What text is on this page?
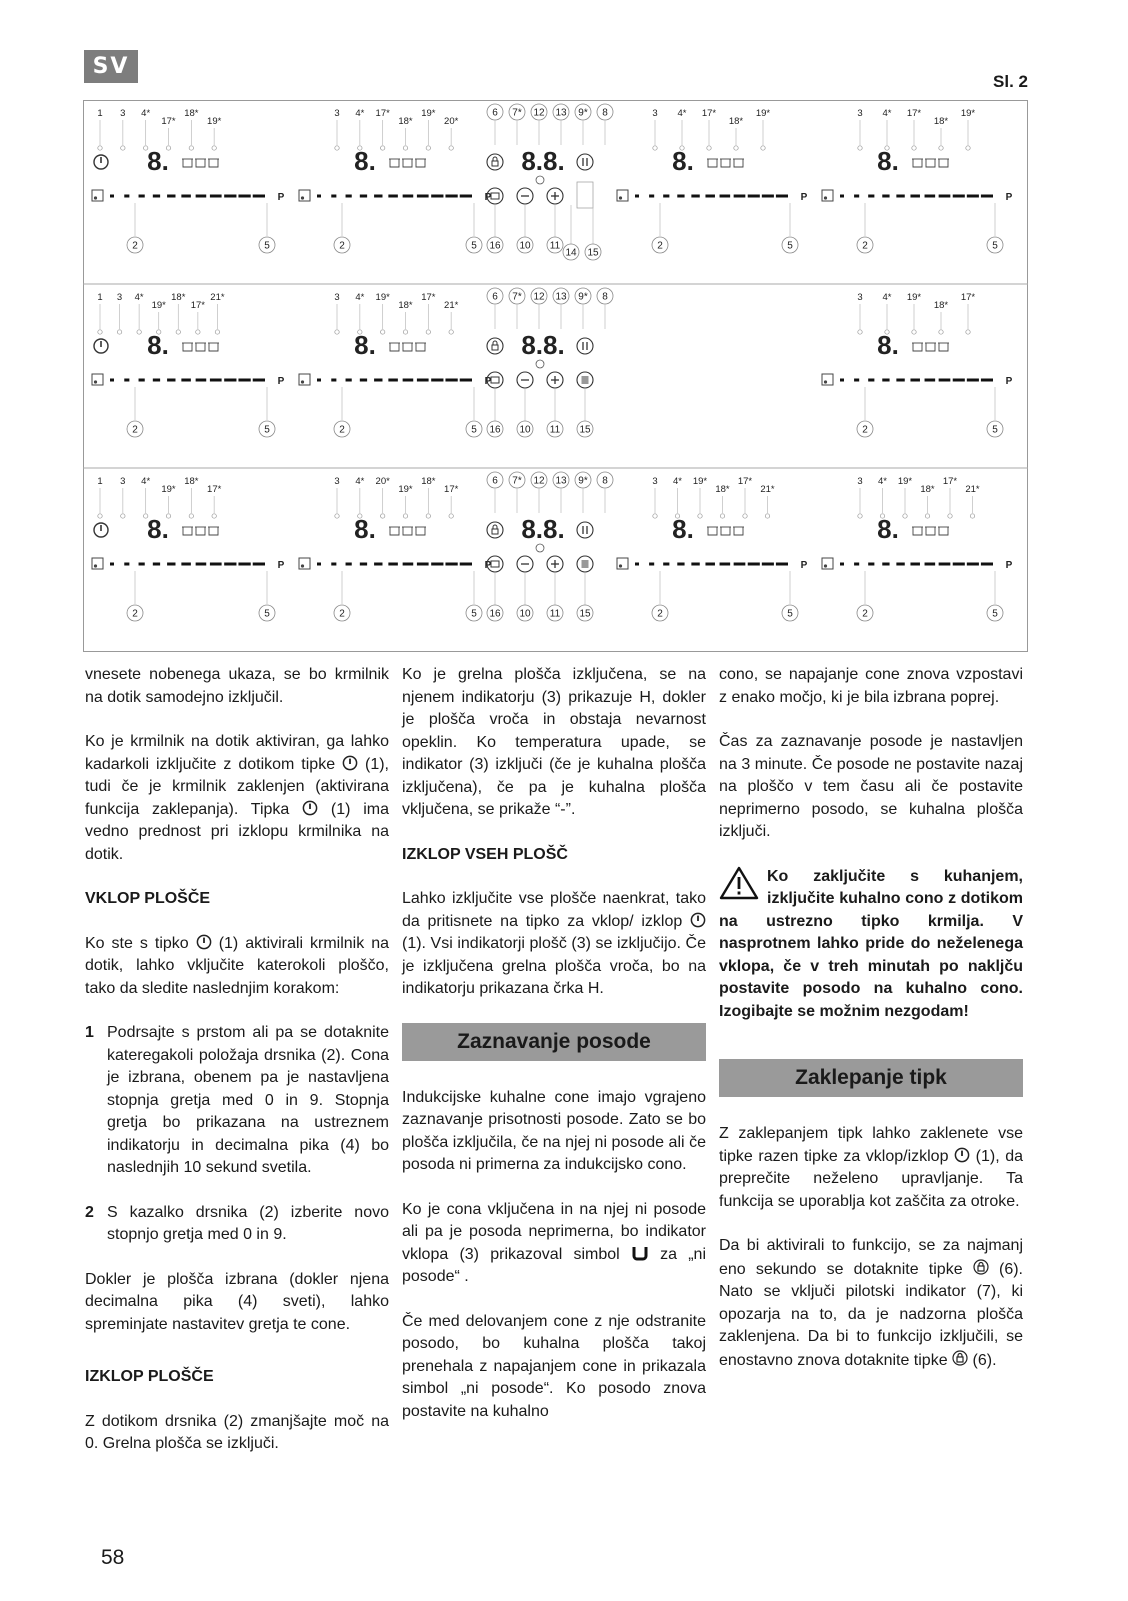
SV
Sl. 2
1 3 4*
17*
18*
19*
8.
P
2	5
3 4* 17*
18*
19*
20*
8.
P
2	5
3 4* 17*
18*
19*
8.
P
2	5
3 4* 17*
18*
19*
8.
P
2	5
6 7* 12 13 9* 8
8.8.
16 10 11
14 15
1 3 4*
19*
18*
17*
21*
8.
P
2	5
3 4* 19*
18*
17*
21*
8.
P
2	5
3 4* 19*
18*
17*
8.
P
2	5
6 7* 12 13 9* 8
8.8.
16 10 11 15
1 3 4*
19*
18*
17*
8.
P
2	5
3 4* 20*
19*
18*
17*
8.
P
2	5
3 4* 19*
18*
17*
21*
8.
P
2	5
3 4* 19*
18*
17*
21*
8.
P
2	5
6 7* 12 13 9* 8
8.8.
16 10 11 15

vnesete nobenega ukaza, se bo krmilnik na dotik samodejno izključil.

Ko je krmilnik na dotik aktiviran, ga lahko kadarkoli izključite z dotikom tipke (1), tudi če je krmilnik zaklenjen (aktivirana funkcija zaklepanja). Tipka	(1) ima vedno prednost pri izklopu krmilnika na dotik.

VKLOP PLOŠČE

Ko ste s tipko (1) aktivirali krmilnik na dotik, lahko vključite katerokoli ploščo, tako da sledite naslednjim korakom:

1 Podrsajte s prstom ali pa se dotaknite kateregakoli položaja drsnika (2). Cona je izbrana, obenem pa je nastavljena stopnja gretja med 0 in 9. Stopnja gretja bo prikazana na ustreznem indikatorju in decimalna pika (4) bo naslednjih 10 sekund svetila.
2 S kazalko drsnika (2) izberite novo stopnjo gretja med 0 in 9.

Dokler je plošča izbrana (dokler njena decimalna pika (4) sveti), lahko spreminjate nastavitev gretja te cone.

IZKLOP PLOŠČE

Z dotikom drsnika (2) zmanjšajte moč na 0. Grelna plošča se izključi.

Ko je grelna plošča izključena, se na njenem indikatorju (3) prikazuje H, dokler je plošča vroča in obstaja nevarnost opeklin. Ko temperatura upade, se indikator (3) izključi (če je kuhalna plošča izključena), če pa je kuhalna plošča vključena, se prikaže “-”.

IZKLOP VSEH PLOŠČ

Lahko izključite vse plošče naenkrat, tako da pritisnete na tipko za vklop/ izklop  (1). Vsi indikatorji plošč (3) se izključijo. Če je izključena grelna plošča vroča, bo na indikatorju prikazana črka H.

Zaznavanje posode

Indukcijske kuhalne cone imajo vgrajeno zaznavanje prisotnosti posode. Zato se bo plošča izključila, če na njej ni posode ali če posoda ni primerna za indukcijsko cono.

Ko je cona vključena in na njej ni posode ali pa je posoda neprimerna, bo indikator vklopa (3) prikazoval simbol	za „ni posode“ .

Če med delovanjem cone z nje odstranite posodo, bo kuhalna plošča takoj prenehala z napajanjem cone in prikazala simbol „ni posode“. Ko posodo znova postavite na kuhalno

cono, se napajanje cone znova vzpostavi z enako močjo, ki je bila izbrana poprej.

Čas za zaznavanje posode je nastavljen na 3 minute. Če posode ne postavite nazaj na ploščo v tem času ali če postavite neprimerno posodo, se kuhalna plošča izključi.

Ko zaključite s kuhanjem, izključite kuhalno cono z dotikom na ustrezno tipko krmilja. V nasprotnem lahko pride do neželenega vklopa, če v treh minutah po nakljču postavite posodo na kuhalno cono. Izogibajte se možnim nezgodam!
Zaklepanje tipk

Z zaklepanjem tipk lahko zaklenete vse tipke razen tipke za vklop/izklop (1), da preprečite neželeno upravljanje. Ta funkcija se uporablja kot zaščita za otroke.

Da bi aktivirali to funkcijo, se za najmanj eno sekundo se dotaknite tipke (6). Nato se vključi pilotski indikator (7), ki opozarja na to, da je nadzorna plošča zaklenjena. Da bi to funkcijo izključili, se enostavno znova dotaknite tipke (6).

58
